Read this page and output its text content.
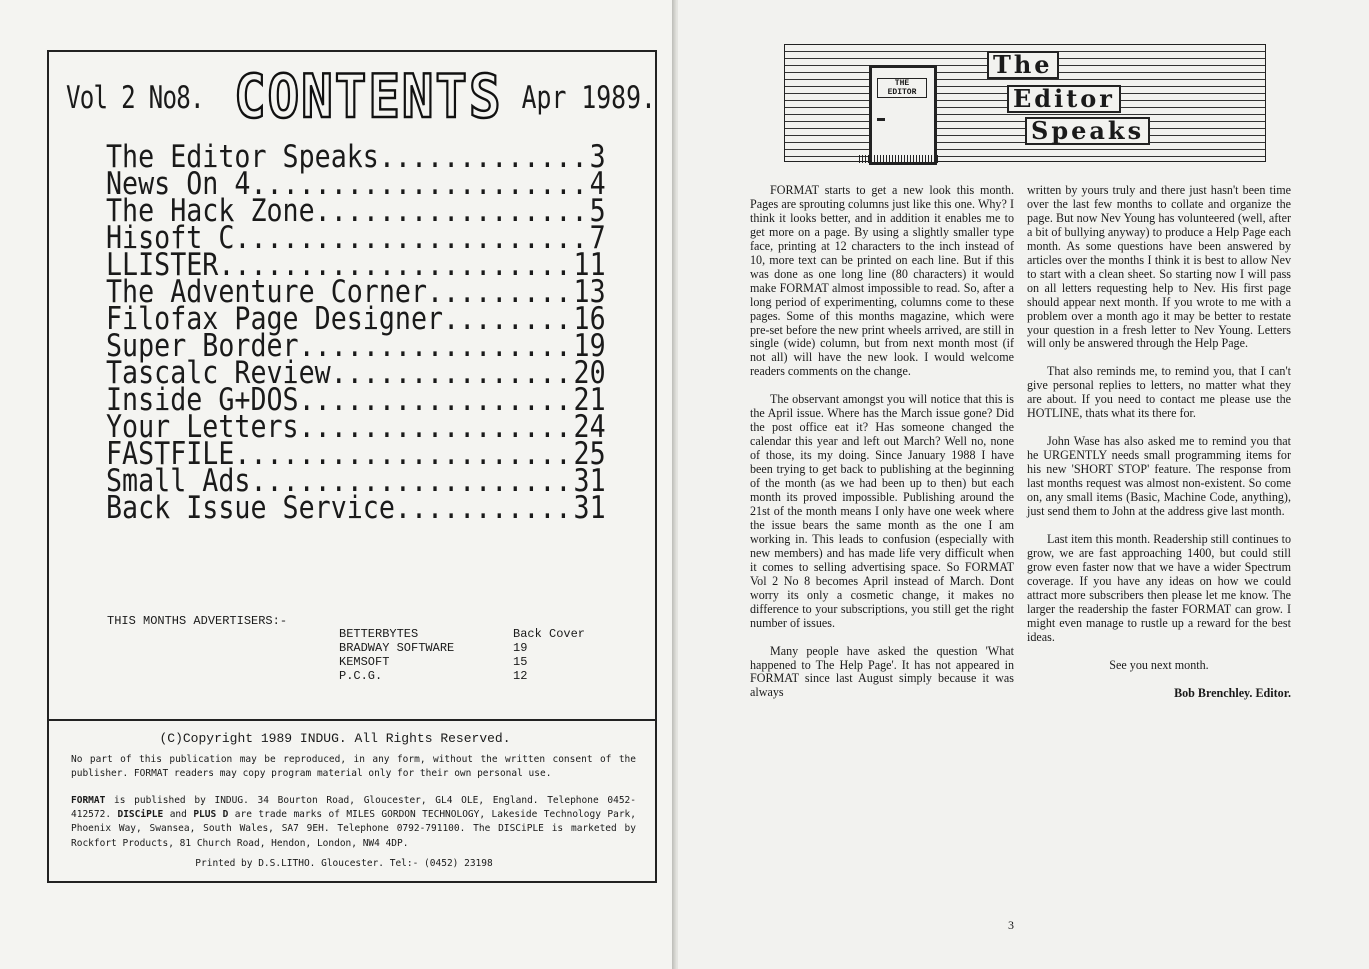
Vol 2 No8. CONTENTS Apr 1989.
The Editor Speaks .....	3
News On 4 .....	4
The Hack Zone .....	5
Hisoft C .....	7
LLISTER .....	11
The Adventure Corner .....	13
Filofax Page Designer .....	16
Super Border .....	19
Tascalc Review .....	20
Inside G+DOS .....	21
Your Letters .....	24
FASTFILE .....	25
Small Ads .....	31
Back Issue Service .....	31
THIS MONTHS ADVERTISERS:-
BETTERBYTES	Back Cover
BRADWAY SOFTWARE	19
KEMSOFT	15
P.C.G.	12
(C)Copyright 1989 INDUG. All Rights Reserved.
No part of this publication may be reproduced, in any form, without the written consent of the publisher. FORMAT readers may copy program material only for their own personal use.
FORMAT is published by INDUG. 34 Bourton Road, Gloucester, GL4 OLE, England. Telephone 0452-412572. DISCiPLE and PLUS D are trade marks of MILES GORDON TECHNOLOGY, Lakeside Technology Park, Phoenix Way, Swansea, South Wales, SA7 9EH. Telephone 0792-791100. The DISCiPLE is marketed by Rockfort Products, 81 Church Road, Hendon, London, NW4 4DP.
Printed by D.S.LITHO. Gloucester. Tel:- (0452) 23198
THE
EDITOR
The
Editor
Speaks

FORMAT starts to get a new look this month. Pages are sprouting columns just like this one. Why? I think it looks better, and in addition it enables me to get more on a page. By using a slightly smaller type face, printing at 12 characters to the inch instead of 10, more text can be printed on each line. But if this was done as one long line (80 characters) it would make FORMAT almost impossible to read. So, after a long period of experimenting, columns come to these pages. Some of this months magazine, which were pre-set before the new print wheels arrived, are still in single (wide) column, but from next month most (if not all) will have the new look. I would welcome readers comments on the change.

The observant amongst you will notice that this is the April issue. Where has the March issue gone? Did the post office eat it? Has someone changed the calendar this year and left out March? Well no, none of those, its my doing. Since January 1988 I have been trying to get back to publishing at the beginning of the month (as we had been up to then) but each month its proved impossible. Publishing around the 21st of the month means I only have one week where the issue bears the same month as the one I am working in. This leads to confusion (especially with new members) and has made life very difficult when it comes to selling advertising space. So FORMAT Vol 2 No 8 becomes April instead of March. Dont worry its only a cosmetic change, it makes no difference to your subscriptions, you still get the right number of issues.

Many people have asked the question 'What happened to The Help Page'. It has not appeared in FORMAT since last August simply because it was always

written by yours truly and there just hasn't been time over the last few months to collate and organize the page. But now Nev Young has volunteered (well, after a bit of bullying anyway) to produce a Help Page each month. As some questions have been answered by articles over the months I think it is best to allow Nev to start with a clean sheet. So starting now I will pass on all letters requesting help to Nev. His first page should appear next month. If you wrote to me with a problem over a month ago it may be better to restate your question in a fresh letter to Nev Young. Letters will only be answered through the Help Page.

That also reminds me, to remind you, that I can't give personal replies to letters, no matter what they are about. If you need to contact me please use the HOTLINE, thats what its there for.

John Wase has also asked me to remind you that he URGENTLY needs small programming items for his new 'SHORT STOP' feature. The response from last months request was almost non-existent. So come on, any small items (Basic, Machine Code, anything), just send them to John at the address give last month.

Last item this month. Readership still continues to grow, we are fast approaching 1400, but could still grow even faster now that we have a wider Spectrum coverage. If you have any ideas on how we could attract more subscribers then please let me know. The larger the readership the faster FORMAT can grow. I might even manage to rustle up a reward for the best ideas.

See you next month.

Bob Brenchley. Editor.

3
